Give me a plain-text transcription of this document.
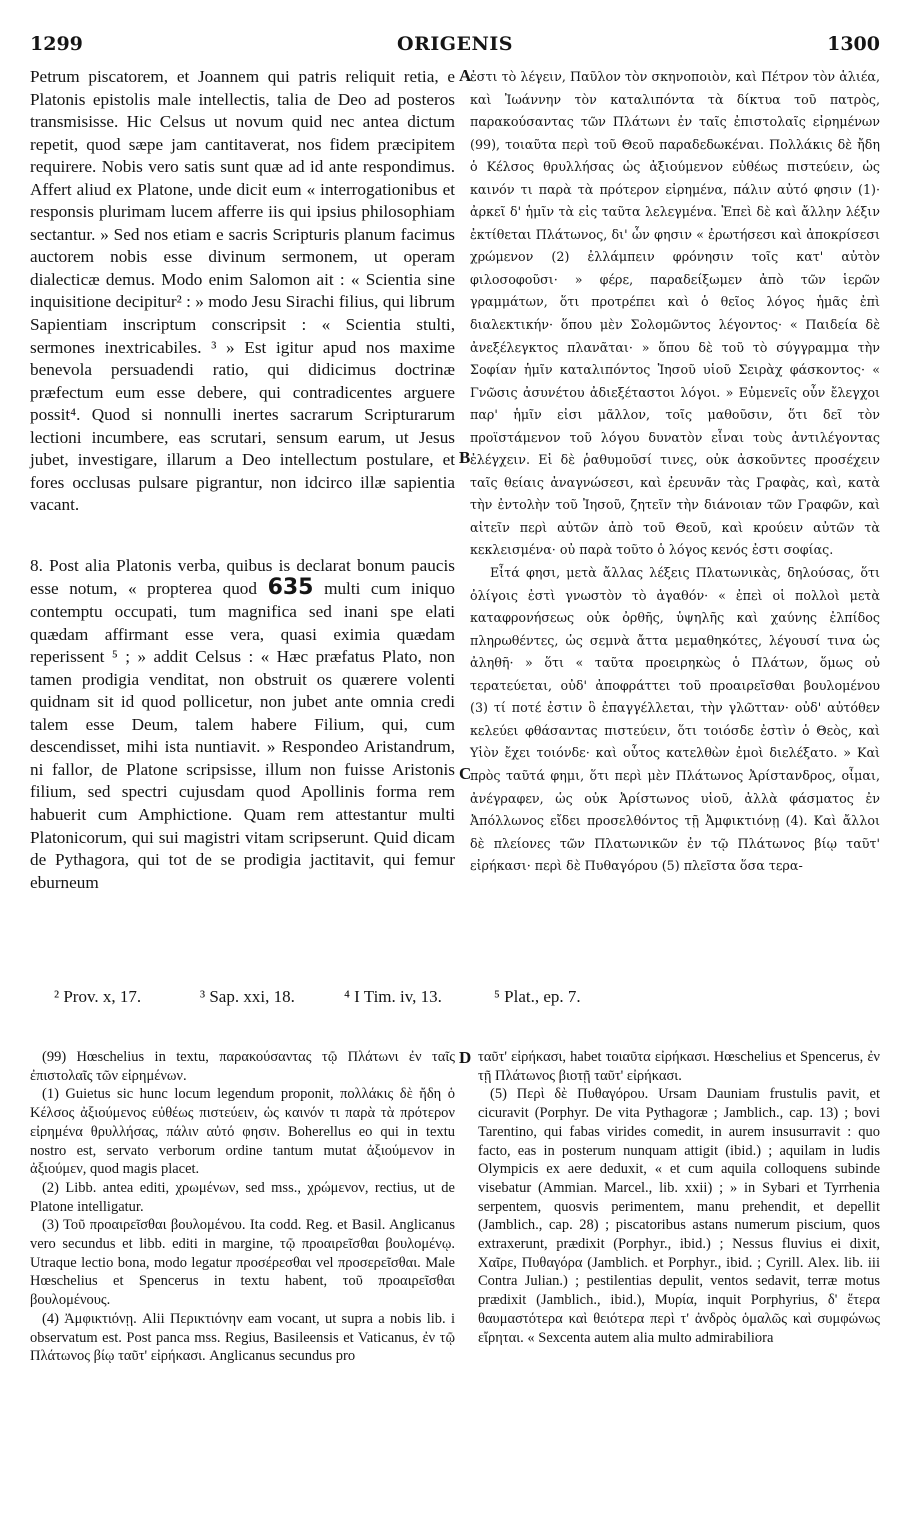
1299	ORIGENIS	1300

Petrum piscatorem, et Joannem qui patris reliquit retia, e Platonis epistolis male intellectis, talia de Deo ad posteros transmisisse. Hic Celsus ut novum quid nec antea dictum repetit, quod sæpe jam cantitaverat, nos fidem præcipitem requirere. Nobis vero satis sunt quæ ad id ante respondimus. Affert aliud ex Platone, unde dicit eum « interrogationibus et responsis plurimam lucem afferre iis qui ipsius philosophiam sectantur. » Sed nos etiam e sacris Scripturis planum facimus auctorem nobis esse divinum sermonem, ut operam dialecticæ demus. Modo enim Salomon ait : « Scientia sine inquisitione decipitur² : » modo Jesu Sirachi filius, qui librum Sapientiam inscriptum conscripsit : « Scientia stulti, sermones inextricabiles. ³ » Est igitur apud nos maxime benevola persuadendi ratio, qui didicimus doctrinæ præfectum eum esse debere, qui contradicentes arguere possit⁴. Quod si nonnulli inertes sacrarum Scripturarum lectioni incumbere, eas scrutari, sensum earum, ut Jesus jubet, investigare, illarum a Deo intellectum postulare, et fores occlusas pulsare pigrantur, non idcirco illæ sapientia vacant.

8. Post alia Platonis verba, quibus is declarat bonum paucis esse notum, « propterea quod 635 multi cum iniquo contemptu occupati, tum magnifica sed inani spe elati quædam affirmant esse vera, quasi eximia quædam reperissent ⁵ ; » addit Celsus : « Hæc præfatus Plato, non tamen prodigia venditat, non obstruit os quærere volenti quidnam sit id quod pollicetur, non jubet ante omnia credi talem esse Deum, talem habere Filium, qui, cum descendisset, mihi ista nuntiavit. » Respondeo Aristandrum, ni fallor, de Platone scripsisse, illum non fuisse Aristonis filium, sed spectri cujusdam quod Apollinis forma rem habuerit cum Amphictione. Quam rem attestantur multi Platonicorum, qui sui magistri vitam scripserunt. Quid dicam de Pythagora, qui tot de se prodigia jactitavit, qui femur eburneum

A
B
C
D

ἐστι τὸ λέγειν, Παῦλον τὸν σκηνοποιὸν, καὶ Πέτρον τὸν ἁλιέα, καὶ Ἰωάννην τὸν καταλιπόντα τὰ δίκτυα τοῦ πατρὸς, παρακούσαντας τῶν Πλάτωνι ἐν ταῖς ἐπιστολαῖς εἰρημένων (99), τοιαῦτα περὶ τοῦ Θεοῦ παραδεδωκέναι. Πολλάκις δὲ ἤδη ὁ Κέλσος θρυλλήσας ὡς ἀξιούμενον εὐθέως πιστεύειν, ὡς καινόν τι παρὰ τὰ πρότερον εἰρημένα, πάλιν αὐτό φησιν (1)· ἀρκεῖ δ' ἡμῖν τὰ εἰς ταῦτα λελεγμένα. Ἐπεὶ δὲ καὶ ἄλλην λέξιν ἐκτίθεται Πλάτωνος, δι' ὧν φησιν « ἐρωτήσεσι καὶ ἀποκρίσεσι χρώμενον (2) ἐλλάμπειν φρόνησιν τοῖς κατ' αὐτὸν φιλοσοφοῦσι· » φέρε, παραδείξωμεν ἀπὸ τῶν ἱερῶν γραμμάτων, ὅτι προτρέπει καὶ ὁ θεῖος λόγος ἡμᾶς ἐπὶ διαλεκτικήν· ὅπου μὲν Σολομῶντος λέγοντος· « Παιδεία δὲ ἀνεξέλεγκτος πλανᾶται· » ὅπου δὲ τοῦ τὸ σύγγραμμα τὴν Σοφίαν ἡμῖν καταλιπόντος Ἰησοῦ υἱοῦ Σειρὰχ φάσκοντος· « Γνῶσις ἀσυνέτου ἀδιεξέταστοι λόγοι. » Εὐμενεῖς οὖν ἔλεγχοι παρ' ἡμῖν εἰσι μᾶλλον, τοῖς μαθοῦσιν, ὅτι δεῖ τὸν προϊστάμενον τοῦ λόγου δυνατὸν εἶναι τοὺς ἀντιλέγοντας ἐλέγχειν. Εἰ δὲ ῥαθυμοῦσί τινες, οὐκ ἀσκοῦντες προσέχειν ταῖς θείαις ἀναγνώσεσι, καὶ ἐρευνᾶν τὰς Γραφὰς, καὶ, κατὰ τὴν ἐντολὴν τοῦ Ἰησοῦ, ζητεῖν τὴν διάνοιαν τῶν Γραφῶν, καὶ αἰτεῖν περὶ αὐτῶν ἀπὸ τοῦ Θεοῦ, καὶ κρούειν αὐτῶν τὰ κεκλεισμένα· οὐ παρὰ τοῦτο ὁ λόγος κενός ἐστι σοφίας.

Εἶτά φησι, μετὰ ἄλλας λέξεις Πλατωνικὰς, δηλούσας, ὅτι ὀλίγοις ἐστὶ γνωστὸν τὸ ἀγαθόν· « ἐπεὶ οἱ πολλοὶ μετὰ καταφρονήσεως οὐκ ὀρθῆς, ὑψηλῆς καὶ χαύνης ἐλπίδος πληρωθέντες, ὡς σεμνὰ ἄττα μεμαθηκότες, λέγουσί τινα ὡς ἀληθῆ· » ὅτι « ταῦτα προειρηκὼς ὁ Πλάτων, ὅμως οὐ τερατεύεται, οὐδ' ἀποφράττει τοῦ προαιρεῖσθαι βουλομένου (3) τί ποτέ ἐστιν ὃ ἐπαγγέλλεται, τὴν γλῶτταν· οὐδ' αὐτόθεν κελεύει φθάσαντας πιστεύειν, ὅτι τοιόσδε ἐστὶν ὁ Θεὸς, καὶ Υἱὸν ἔχει τοιόνδε· καὶ οὗτος κατελθὼν ἐμοὶ διελέξατο. » Καὶ πρὸς ταῦτά φημι, ὅτι περὶ μὲν Πλάτωνος Ἀρίστανδρος, οἶμαι, ἀνέγραφεν, ὡς οὐκ Ἀρίστωνος υἱοῦ, ἀλλὰ φάσματος ἐν Ἀπόλλωνος εἴδει προσελθόντος τῇ Ἀμφικτιόνῃ (4). Καὶ ἄλλοι δὲ πλείονες τῶν Πλατωνικῶν ἐν τῷ Πλάτωνος βίῳ ταῦτ' εἰρήκασι· περὶ δὲ Πυθαγόρου (5) πλεῖστα ὅσα τερα-

² Prov. x, 17.	³ Sap. xxi, 18.	⁴ I Tim. iv, 13.	⁵ Plat., ep. 7.

(99) Hœschelius in textu, παρακούσαντας τῷ Πλάτωνι ἐν ταῖς ἐπιστολαῖς τῶν εἰρημένων.

(1) Guietus sic hunc locum legendum proponit, πολλάκις δὲ ἤδη ὁ Κέλσος ἀξιούμενος εὐθέως πιστεύειν, ὡς καινόν τι παρὰ τὰ πρότερον εἰρημένα θρυλλήσας, πάλιν αὐτό φησιν. Boherellus eo qui in textu nostro est, servato verborum ordine tantum mutat ἀξιούμενον in ἀξιούμεν, quod magis placet.

(2) Libb. antea editi, χρωμένων, sed mss., χρώμενον, rectius, ut de Platone intelligatur.

(3) Τοῦ προαιρεῖσθαι βουλομένου. Ita codd. Reg. et Basil. Anglicanus vero secundus et libb. editi in margine, τῷ προαιρεῖσθαι βουλομένῳ. Utraque lectio bona, modo legatur προσέρεσθαι vel προσερεῖσθαι. Male Hœschelius et Spencerus in textu habent, τοῦ προαιρεῖσθαι βουλομένους.

(4) Ἀμφικτιόνῃ. Alii Περικτιόνην eam vocant, ut supra a nobis lib. i observatum est. Post panca mss. Regius, Basileensis et Vaticanus, ἐν τῷ Πλάτωνος βίῳ ταῦτ' εἰρήκασι. Anglicanus secundus pro

ταῦτ' εἰρήκασι, habet τοιαῦτα εἰρήκασι. Hœschelius et Spencerus, ἐν τῇ Πλάτωνος βιοτῇ ταῦτ' εἰρήκασι.

(5) Περὶ δὲ Πυθαγόρου. Ursam Dauniam frustulis pavit, et cicuravit (Porphyr. De vita Pythagoræ ; Jamblich., cap. 13) ; bovi Tarentino, qui fabas virides comedit, in aurem insusurravit : quo facto, eas in posterum nunquam attigit (ibid.) ; aquilam in ludis Olympicis ex aere deduxit, « et cum aquila colloquens subinde visebatur (Ammian. Marcel., lib. xxii) ; » in Sybari et Tyrrhenia serpentem, quosvis perimentem, manu prehendit, et depellit (Jamblich., cap. 28) ; piscatoribus astans numerum piscium, quos extraxerunt, prædixit (Porphyr., ibid.) ; Nessus fluvius ei dixit, Χαῖρε, Πυθαγόρα (Jamblich. et Porphyr., ibid. ; Cyrill. Alex. lib. iii Contra Julian.) ; pestilentias depulit, ventos sedavit, terræ motus prædixit (Jamblich., ibid.), Μυρία, inquit Porphyrius, δ' ἕτερα θαυμαστότερα καὶ θειότερα περὶ τ' ἀνδρὸς ὁμαλῶς καὶ συμφώνως εἴρηται. « Sexcenta autem alia multo admirabiliora
